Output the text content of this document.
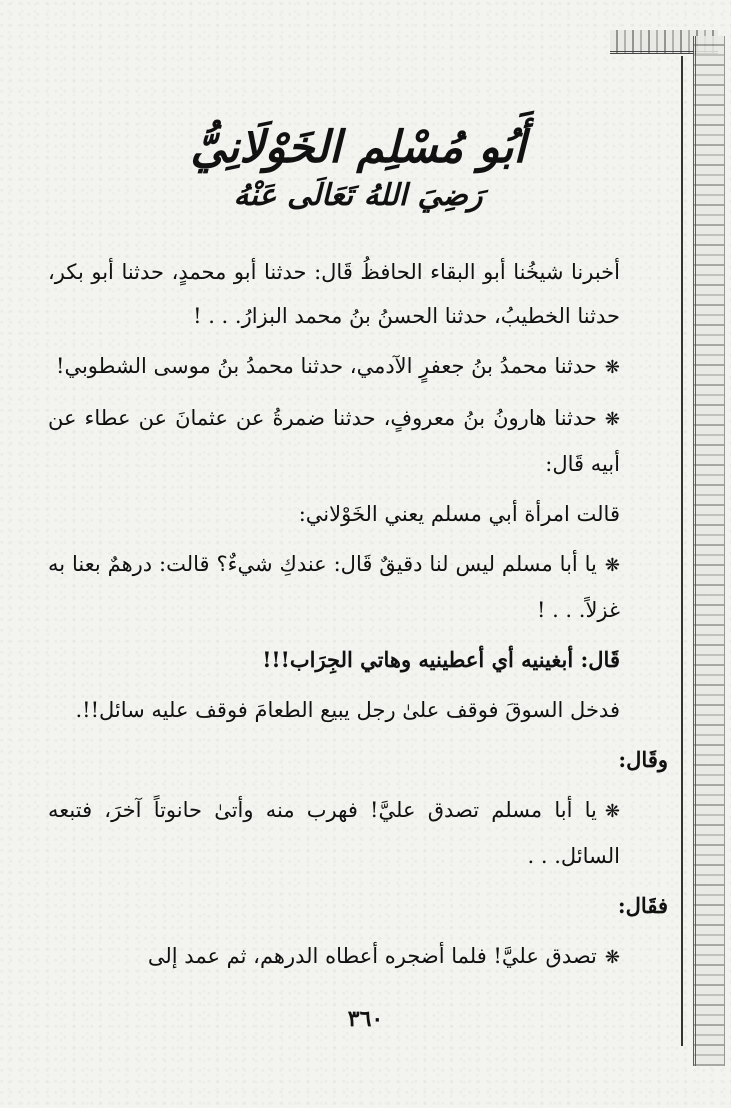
أَبُو مُسْلِم الخَوْلَانِيُّ
رَضِيَ اللهُ تَعَالَى عَنْهُ

أخبرنا شيخُنا أبو البقاء الحافظُ قَال: حدثنا أبو محمدٍ، حدثنا أبو بكر، حدثنا الخطيبُ، حدثنا الحسنُ بنُ محمد البزارُ. . . !

❋حدثنا محمدُ بنُ جعفرٍ الآدمي، حدثنا محمدُ بنُ موسى الشطوبي!

❋حدثنا هارونُ بنُ معروفٍ، حدثنا ضمرةُ عن عثمانَ عن عطاء عن أبيه قَال:

قالت امرأة أبي مسلم يعني الخَوْلاني:

❋يا أبا مسلم ليس لنا دقيقٌ قَال: عندكِ شيءٌ؟ قالت: درهمٌ بعنا به غزلاً. . . !

قَال: أبغينيه أي أعطينيه وهاتي الجِرَاب!!!

فدخل السوقَ فوقف علىٰ رجل يبيع الطعامَ فوقف عليه سائل!!.

وقَال:

❋يا أبا مسلم تصدق عليَّ! فهرب منه وأتىٰ حانوتاً آخرَ، فتبعه السائل. . .

فقَال:

❋تصدق عليَّ! فلما أضجره أعطاه الدرهم، ثم عمد إلى

٣٦٠
